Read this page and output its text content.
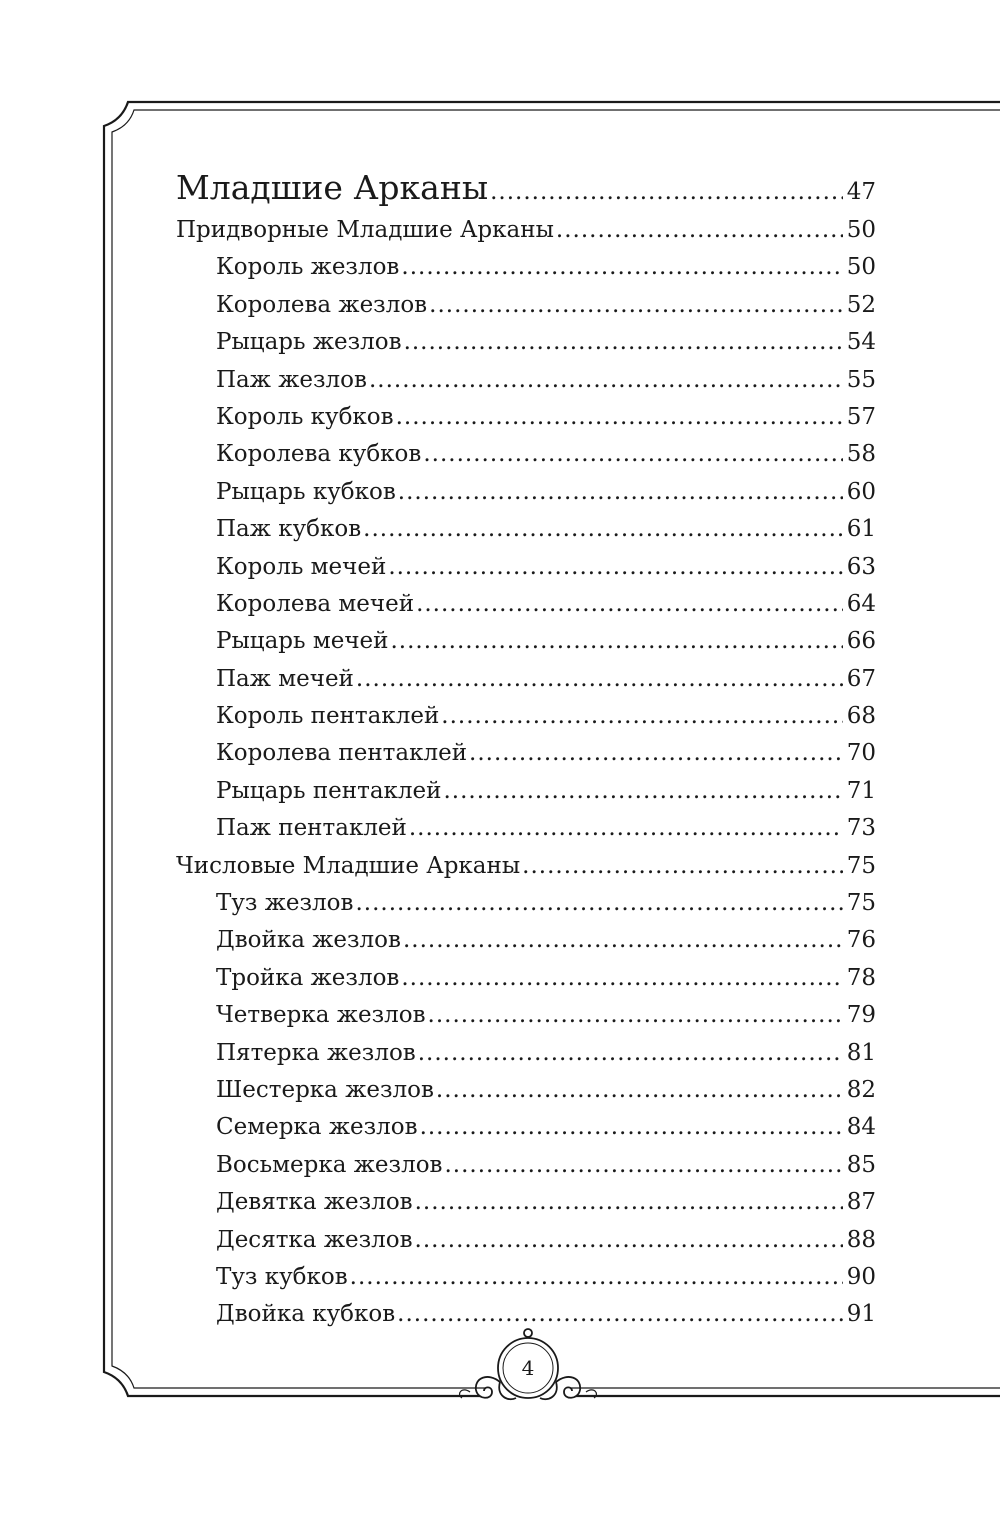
Младшие Арканы .....	47
Придворные Младшие Арканы .....	50
Король жезлов .....	50
Королева жезлов .....	52
Рыцарь жезлов .....	54
Паж жезлов .....	55
Король кубков .....	57
Королева кубков .....	58
Рыцарь кубков .....	60
Паж кубков .....	61
Король мечей .....	63
Королева мечей .....	64
Рыцарь мечей .....	66
Паж мечей .....	67
Король пентаклей .....	68
Королева пентаклей .....	70
Рыцарь пентаклей .....	71
Паж пентаклей .....	73
Числовые Младшие Арканы .....	75
Туз жезлов .....	75
Двойка жезлов .....	76
Тройка жезлов .....	78
Четверка жезлов .....	79
Пятерка жезлов .....	81
Шестерка жезлов .....	82
Семерка жезлов .....	84
Восьмерка жезлов .....	85
Девятка жезлов .....	87
Десятка жезлов .....	88
Туз кубков .....	90
Двойка кубков .....	91
4
